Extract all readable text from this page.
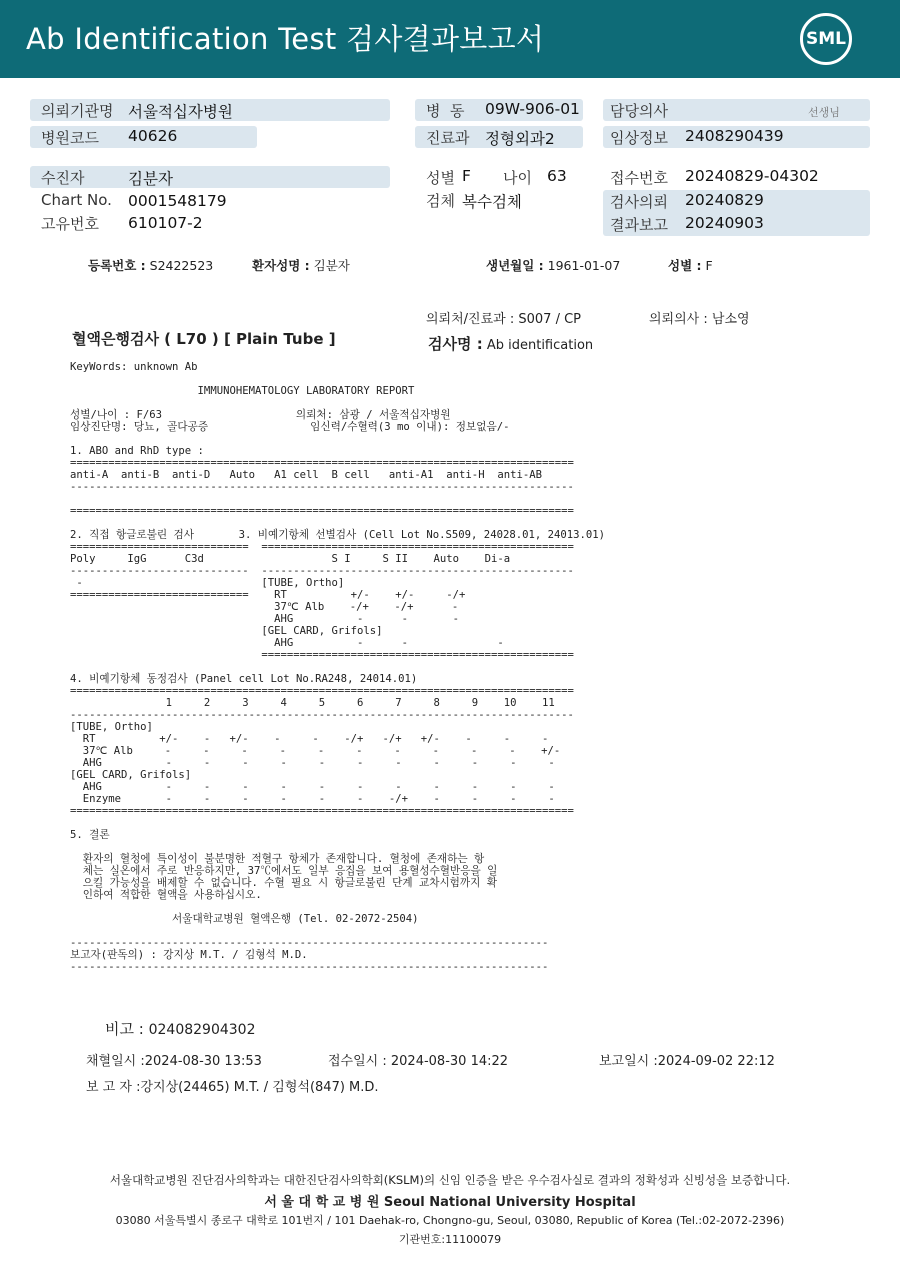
Ab Identification Test 검사결과보고서	SML
의뢰기관명 서울적십자병원
병원코드 40626
병  동 09W-906-01
진료과 정형외과2
담당의사	선생님
임상정보 2408290439
수진자	김분자
Chart No. 0001548179
고유번호 610107-2
성별 F 나이 63
검체 복수검체
접수번호 20240829-04302
검사의뢰 20240829
결과보고 20240903
등록번호 : S2422523	환자성명 : 김분자	생년월일 : 1961-01-07	성별 : F
의뢰처/진료과 : S007 / CP	의뢰의사 : 남소영
혈액은행검사 ( L70 ) [ Plain Tube ]	검사명 : Ab identification
KeyWords: unknown Ab

IMMUNOHEMATOLOGY LABORATORY REPORT

성별/나이 : F/63                     의뢰처: 삼광 / 서울적십자병원
임상진단명: 당뇨, 골다공증                임신력/수혈력(3 mo 이내): 정보없음/-

1. ABO and RhD type :
===============================================================================
anti-A  anti-B  anti-D   Auto   A1 cell  B cell   anti-A1  anti-H  anti-AB
-------------------------------------------------------------------------------

===============================================================================

2. 직접 항글로불린 검사       3. 비예기항체 선별검사 (Cell Lot No.S509, 24028.01, 24013.01)
============================  =================================================
Poly     IgG      C3d                    S I     S II    Auto    Di-a
----------------------------  -------------------------------------------------
-                            [TUBE, Ortho]
============================    RT          +/-    +/-     -/+
37℃ Alb    -/+    -/+      -
AHG          -      -       -
[GEL CARD, Grifols]
AHG          -      -              -
=================================================

4. 비예기항체 동정검사 (Panel cell Lot No.RA248, 24014.01)
===============================================================================
1     2     3     4     5     6     7     8     9    10    11
-------------------------------------------------------------------------------
[TUBE, Ortho]
RT          +/-    -   +/-    -     -    -/+   -/+   +/-    -     -     -
37℃ Alb     -     -     -     -     -     -     -     -     -     -    +/-
AHG          -     -     -     -     -     -     -     -     -     -     -
[GEL CARD, Grifols]
AHG          -     -     -     -     -     -     -     -     -     -     -
Enzyme       -     -     -     -     -     -    -/+    -     -     -     -
===============================================================================

5. 결론

환자의 혈청에 특이성이 불분명한 적혈구 항체가 존재합니다. 혈청에 존재하는 항
체는 실온에서 주로 반응하지만, 37℃에서도 일부 응집을 보여 용혈성수혈반응을 일
으킬 가능성을 배제할 수 없습니다. 수혈 필요 시 항글로불린 단계 교차시험까지 확
인하여 적합한 혈액을 사용하십시오.

서울대학교병원 혈액은행 (Tel. 02-2072-2504)

---------------------------------------------------------------------------
보고자(판독의) : 강지상 M.T. / 김형석 M.D.
---------------------------------------------------------------------------
비고 : 024082904302
채혈일시 :2024-08-30 13:53	접수일시 : 2024-08-30 14:22	보고일시 :2024-09-02 22:12
보 고 자 :강지상(24465) M.T. / 김형석(847) M.D.
서울대학교병원 진단검사의학과는 대한진단검사의학회(KSLM)의 신임 인증을 받은 우수검사실로 결과의 정확성과 신빙성을 보증합니다.
서 울 대 학 교 병 원 Seoul National University Hospital
03080 서울특별시 종로구 대학로 101번지 / 101 Daehak-ro, Chongno-gu, Seoul, 03080, Republic of Korea (Tel.:02-2072-2396)
기관번호:11100079
